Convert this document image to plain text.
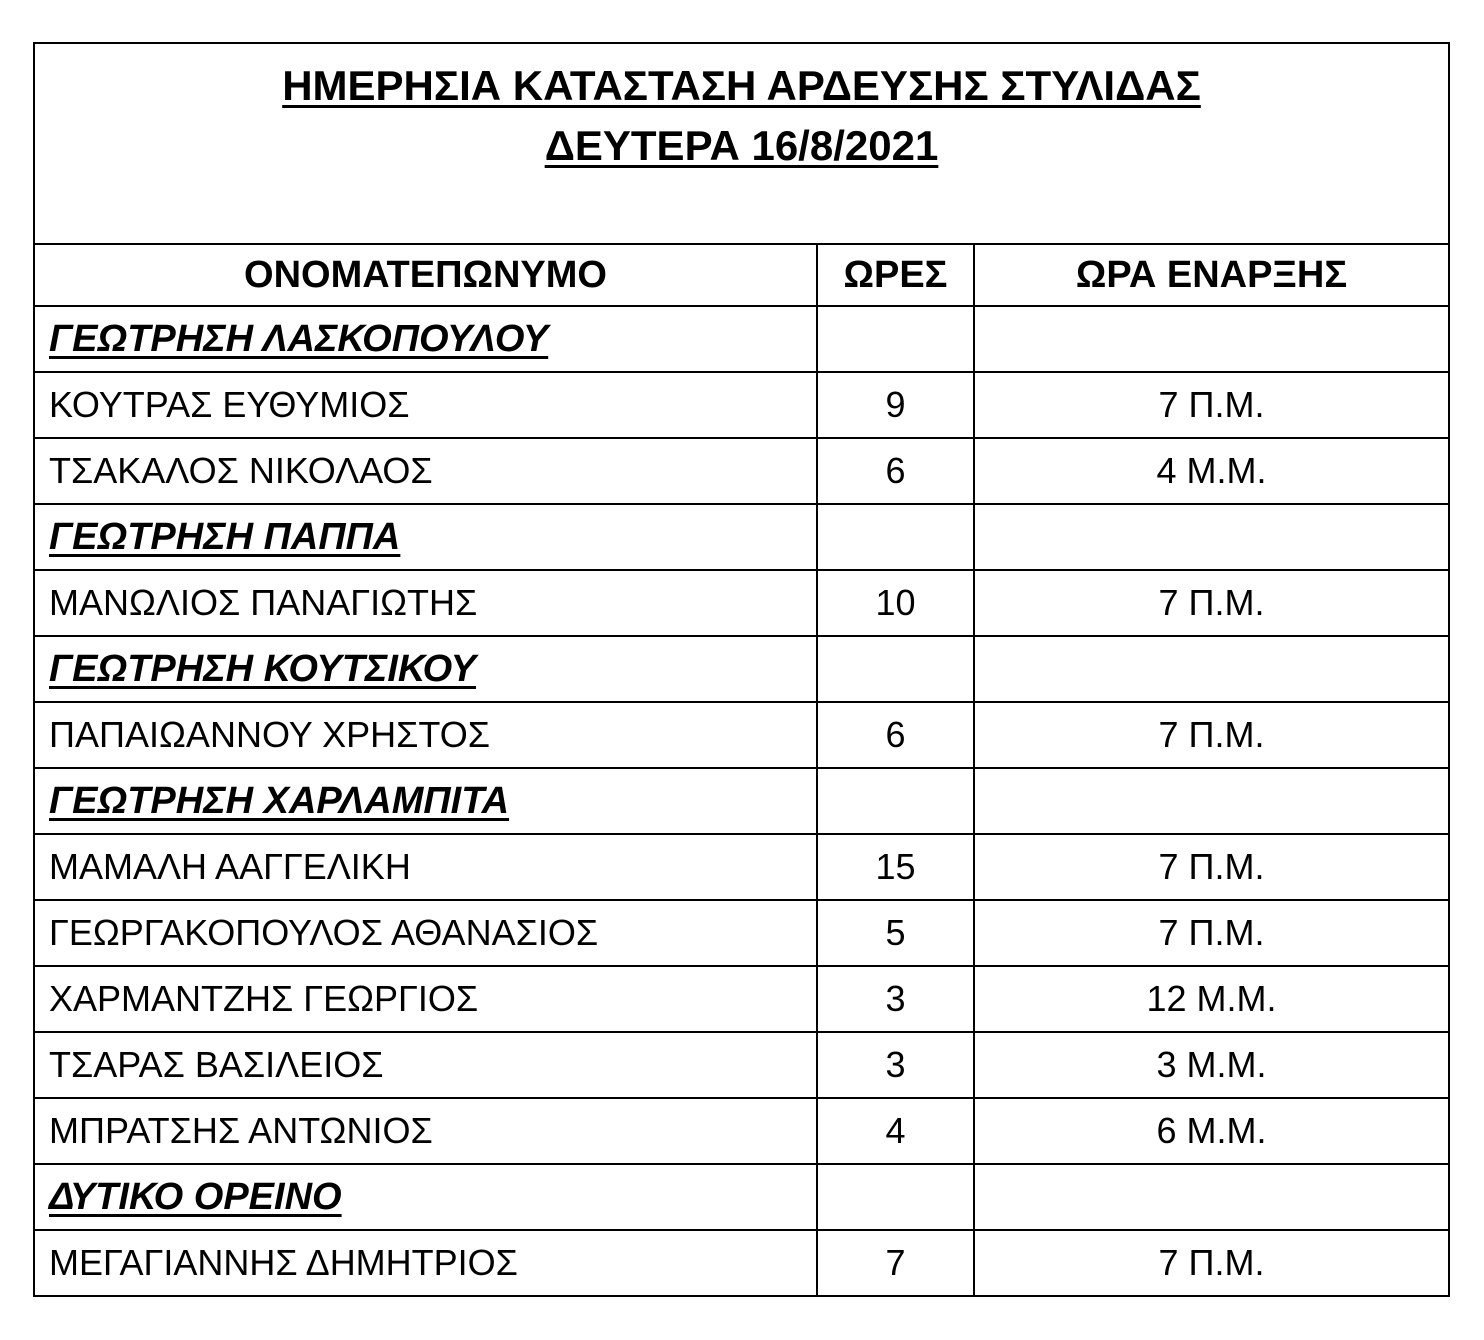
ΗΜΕΡΗΣΙΑ ΚΑΤΑΣΤΑΣΗ ΑΡΔΕΥΣΗΣ ΣΤΥΛΙΔΑΣ
ΔΕΥΤΕΡΑ 16/8/2021		
ΟΝΟΜΑΤΕΠΩΝΥΜΟ	ΩΡΕΣ	ΩΡΑ ΕΝΑΡΞΗΣ
ΓΕΩΤΡΗΣΗ ΛΑΣΚΟΠΟΥΛΟΥ		
ΚΟΥΤΡΑΣ ΕΥΘΥΜΙΟΣ	9	7 Π.Μ.
ΤΣΑΚΑΛΟΣ ΝΙΚΟΛΑΟΣ	6	4 Μ.Μ.
ΓΕΩΤΡΗΣΗ ΠΑΠΠΑ		
ΜΑΝΩΛΙΟΣ ΠΑΝΑΓΙΩΤΗΣ	10	7 Π.Μ.
ΓΕΩΤΡΗΣΗ ΚΟΥΤΣΙΚΟΥ		
ΠΑΠΑΙΩΑΝΝΟΥ ΧΡΗΣΤΟΣ	6	7 Π.Μ.
ΓΕΩΤΡΗΣΗ ΧΑΡΛΑΜΠΙΤΑ		
ΜΑΜΑΛΗ ΑΑΓΓΕΛΙΚΗ	15	7 Π.Μ.
ΓΕΩΡΓΑΚΟΠΟΥΛΟΣ ΑΘΑΝΑΣΙΟΣ	5	7 Π.Μ.
ΧΑΡΜΑΝΤΖΗΣ ΓΕΩΡΓΙΟΣ	3	12 Μ.Μ.
ΤΣΑΡΑΣ ΒΑΣΙΛΕΙΟΣ	3	3 Μ.Μ.
ΜΠΡΑΤΣΗΣ ΑΝΤΩΝΙΟΣ	4	6 Μ.Μ.
ΔΥΤΙΚΟ ΟΡΕΙΝΟ		
ΜΕΓΑΓΙΑΝΝΗΣ ΔΗΜΗΤΡΙΟΣ	7	7 Π.Μ.
